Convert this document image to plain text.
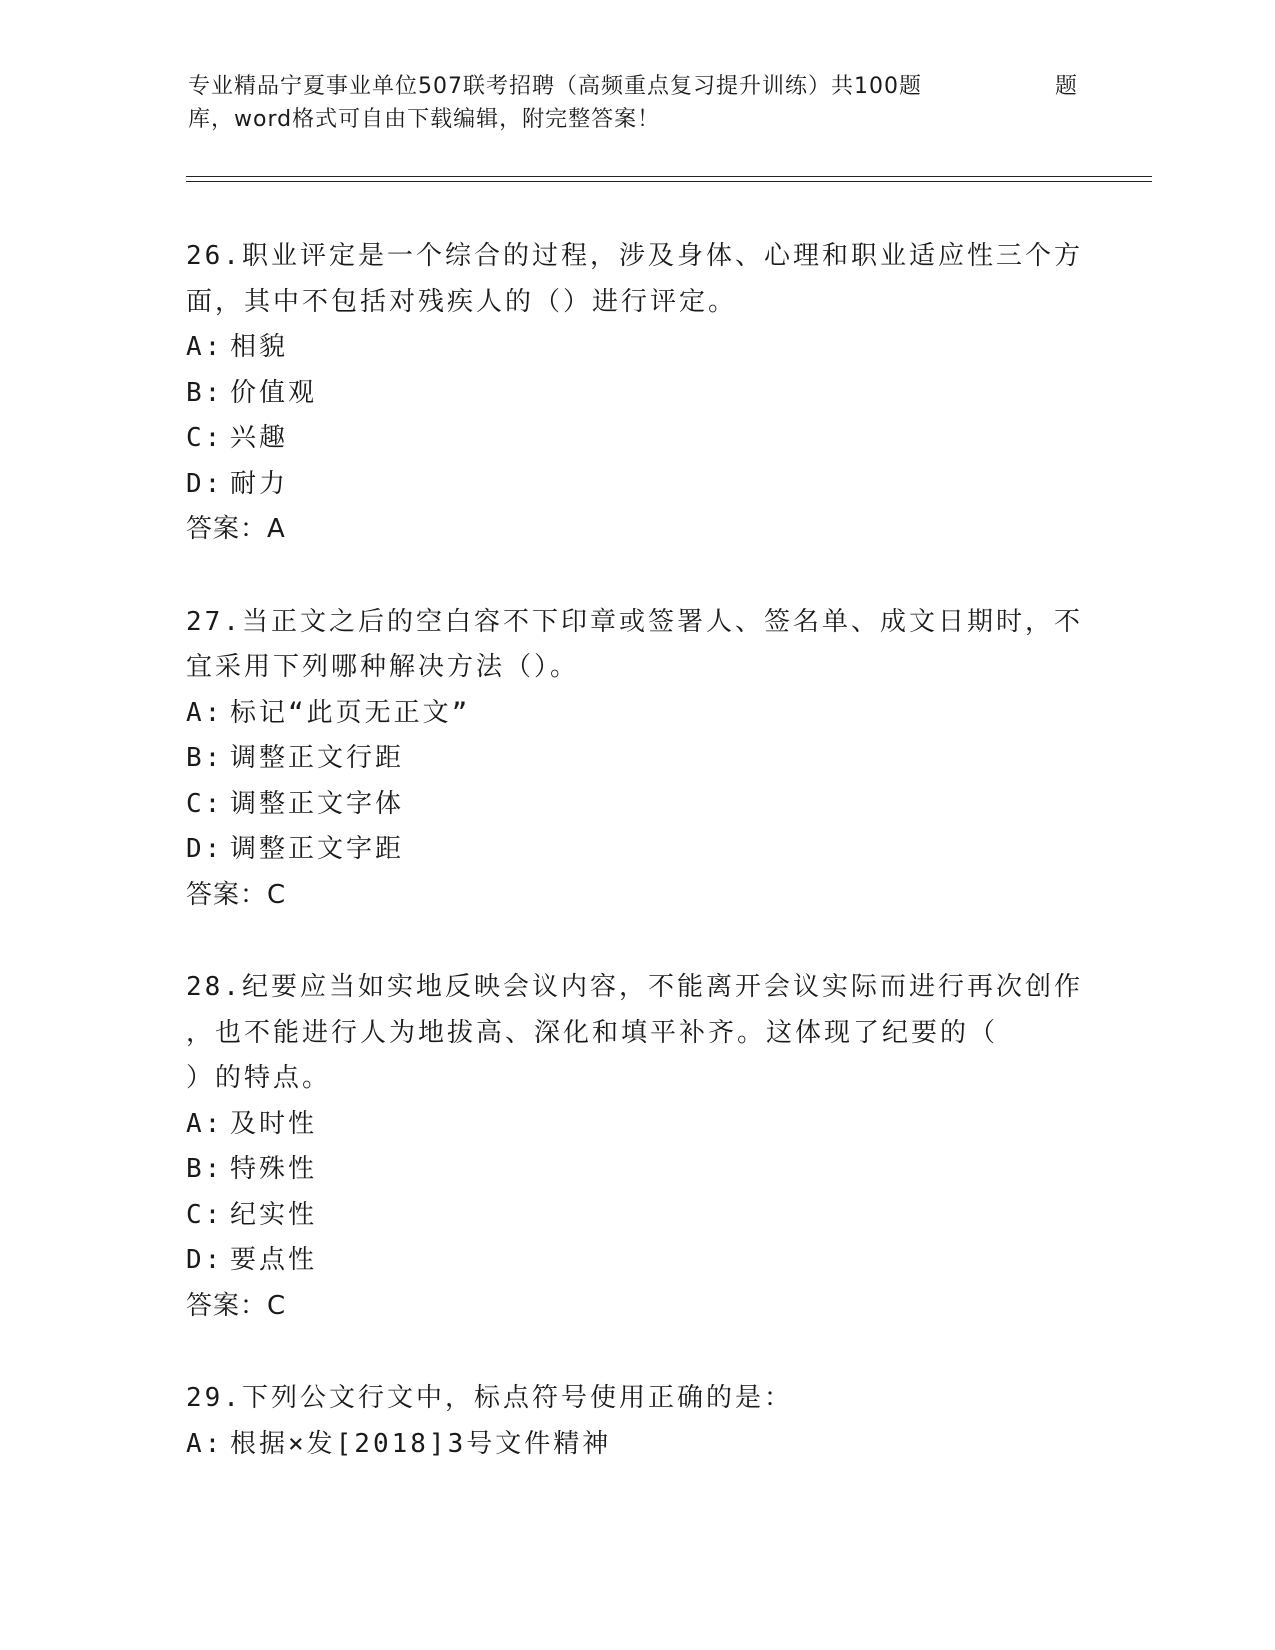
专业精品宁夏事业单位507联考招聘（高频重点复习提升训练）共100题	题
库，word格式可自由下载编辑，附完整答案！
26.职业评定是一个综合的过程，涉及身体、心理和职业适应性三个方
面，其中不包括对残疾人的（）进行评定。
A: 相貌
B: 价值观
C: 兴趣
D: 耐力
答案：A
27.当正文之后的空白容不下印章或签署人、签名单、成文日期时，不
宜采用下列哪种解决方法（）。
A: 标记“此页无正文”
B: 调整正文行距
C: 调整正文字体
D: 调整正文字距
答案：C
28.纪要应当如实地反映会议内容，不能离开会议实际而进行再次创作
，也不能进行人为地拔高、深化和填平补齐。这体现了纪要的（
）的特点。
A: 及时性
B: 特殊性
C: 纪实性
D: 要点性
答案：C
29.下列公文行文中，标点符号使用正确的是：
A: 根据×发[2018]3号文件精神
